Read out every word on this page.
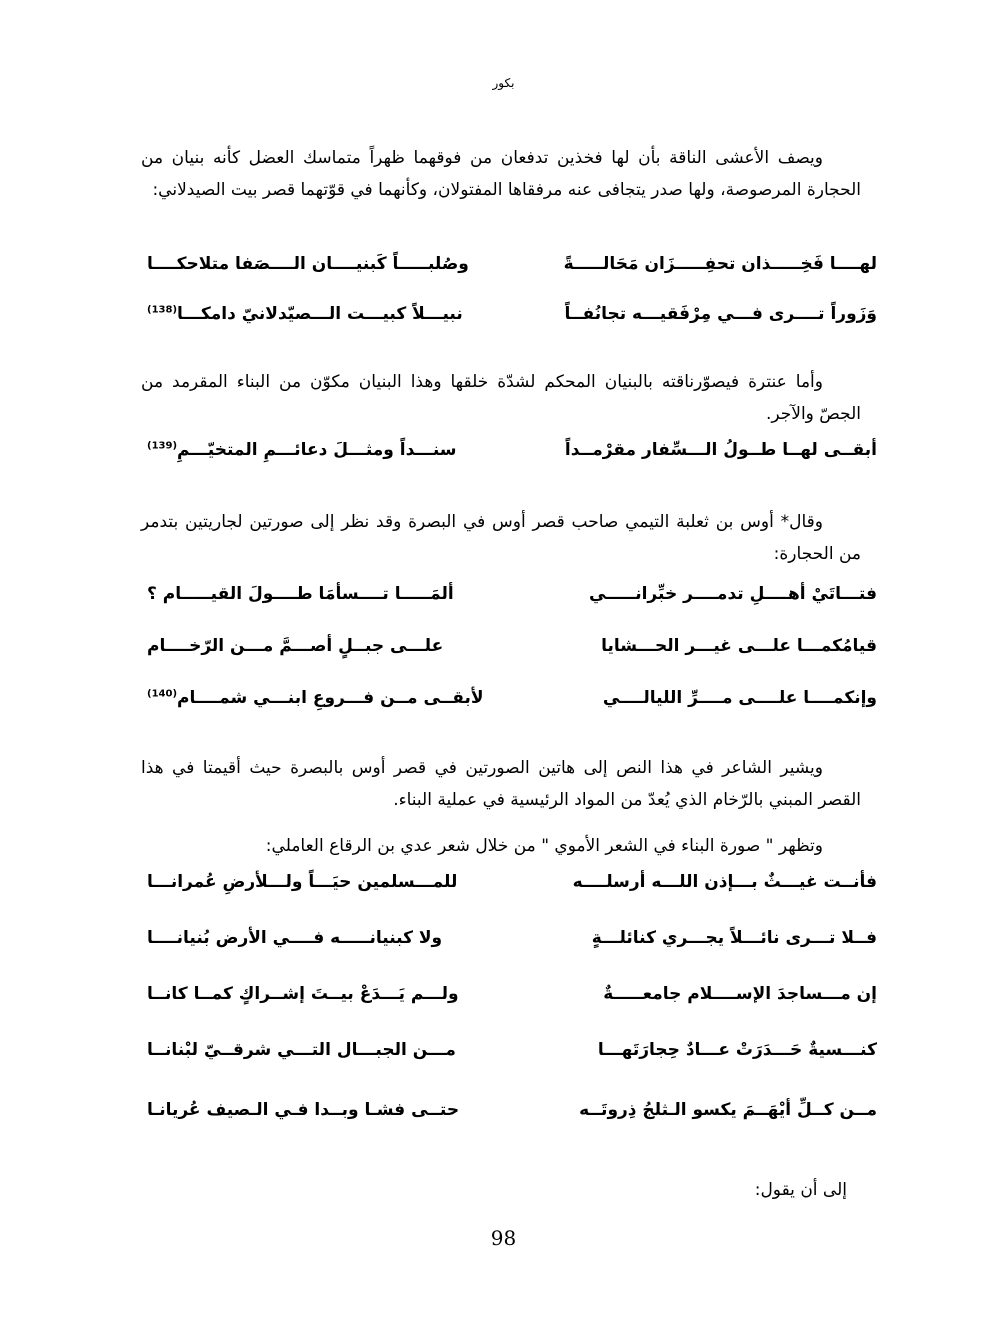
بكور
ويصف الأعشى الناقة بأن لها فخذين تدفعان من فوقهما ظهراً متماسك العضل كأنه بنيان من الحجارة المرصوصة، ولها صدر يتجافى عنه مرفقاها المفتولان، وكأنهما في قوّتهما قصر بيت الصيدلاني:
لهــــا فَخِـــــذان تحفِـــــزَان مَحَالـــــةً
وصُلبـــــاً كَبنيــــان الــــصَفا متلاحكــــا
وَزَوراً تــــرى فـــي مِرْفَقيـــه تجانُفــاً
نبيـــلاً كبيـــت الـــصيّدلانيّ دامكـــا$^{(138)}$
وأما عنترة فيصوّرناقته بالبنيان المحكم لشدّة خلقها وهذا البنيان مكوّن من البناء المقرمد من الجصّ والآجر.
أبقــى لهــا طــولُ الـــسِّفار مقرْمــداً
سنـــداً ومثـــلَ دعائـــمِ المتخيّـــمِ$^{(139)}$
وقال* أوس بن ثعلبة التيمي صاحب قصر أوس في البصرة وقد نظر إلى صورتين لجاريتين بتدمر من الحجارة:
فتـــاتَيْ أهــــلِ تدمــــر خبِّرانـــــي
ألمَـــــا تــــسأمَا طــــولَ القيـــــام ؟
قيامُكمـــا علـــى غيـــر الحـــشايا
علـــى جبــلٍ أصـــمَّ مـــن الرّخــــام
وإنكمــــا علــــى مــــرِّ الليالــــي
لأبقــى مــن فـــروعِ ابنـــي شمــــام$^{(140)}$
ويشير الشاعر في هذا النص إلى هاتين الصورتين في قصر أوس بالبصرة حيث أقيمتا في هذا القصر المبني بالرّخام الذي يُعدّ من المواد الرئيسية في عملية البناء.
وتظهر " صورة البناء في الشعر الأموي " من خلال شعر عدي بن الرقاع العاملي:
فأنــت غيـــثٌ بـــإذن اللـــه أرسلــــه
للمـــسلمين حيَـــاً ولـــلأرضِ عُمرانـــا
فــلا تـــرى نائـــلاً يجـــري كنائلـــةٍ
ولا كبنيانـــــه فــــي الأرض بُنيانــــا
إن مـــساجدَ الإســــلام جامعـــــةٌ
ولـــم يَـــدَعْ بيــتَ إشــراكٍ كمــا كانــا
كنـــسيةٌ حَـــدَرَتْ عـــادٌ حِجارَتَهـــا
مـــن الجبـــال التـــي شرقــيّ لبْنانــا
مــن كــلِّ أيْهَــمَ يكسو الـثلجُ ذِروتَــه
حتــى فشـا وبــدا فـي الـصيف عُريانـا
إلى أن يقول:
98
